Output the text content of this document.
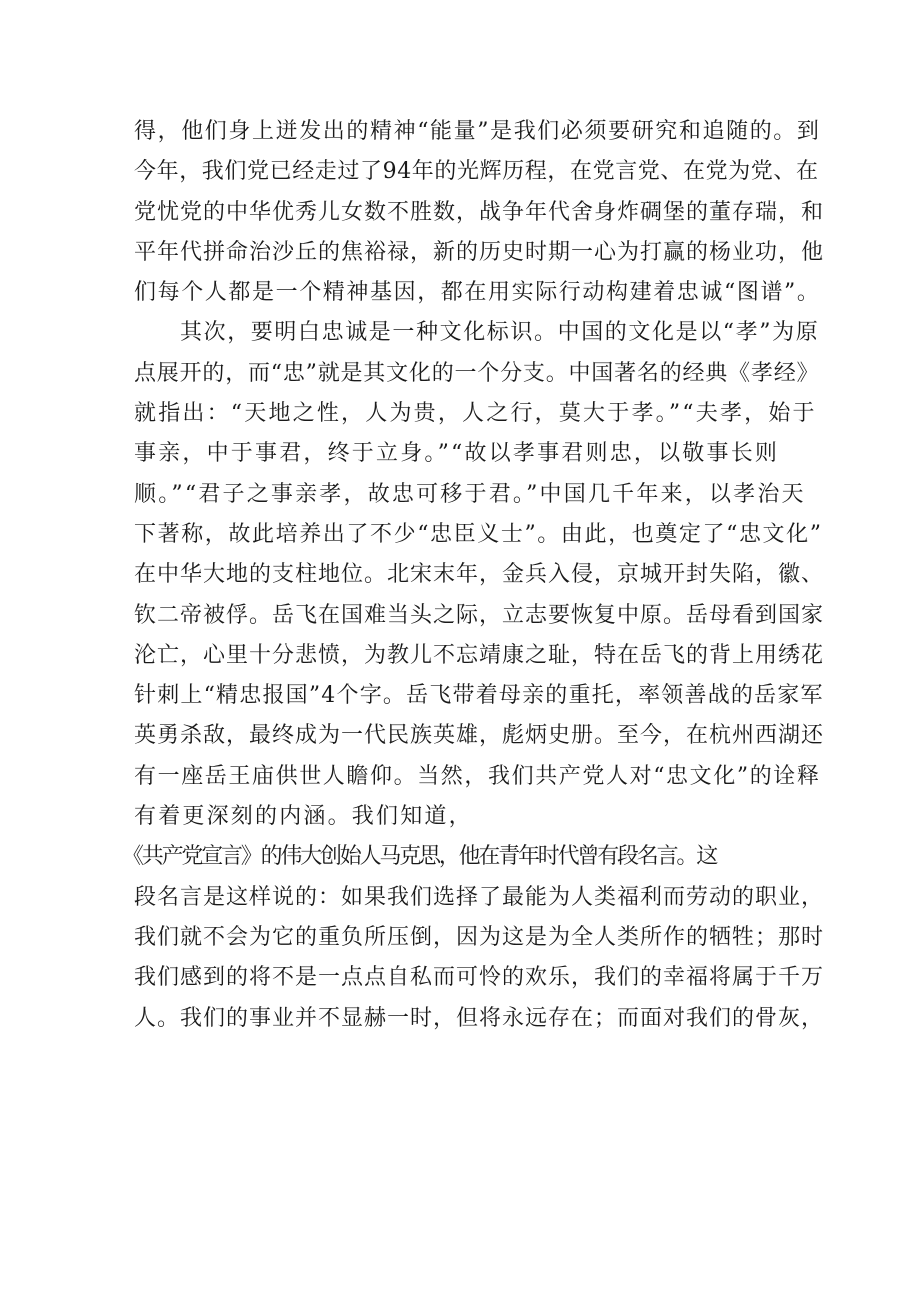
得，他们身上迸发出的精神“能量”是我们必须要研究和追随的。到
今年，我们党已经走过了94年的光辉历程，在党言党、在党为党、在
党忧党的中华优秀儿女数不胜数，战争年代舍身炸碉堡的董存瑞，和
平年代拼命治沙丘的焦裕禄，新的历史时期一心为打赢的杨业功，他
们每个人都是一个精神基因，都在用实际行动构建着忠诚“图谱”。
其次，要明白忠诚是一种文化标识。中国的文化是以“孝”为原
点展开的，而“忠”就是其文化的一个分支。中国著名的经典《孝经》
就指出：“天地之性，人为贵，人之行，莫大于孝。”“夫孝，始于
事亲，中于事君，终于立身。”“故以孝事君则忠，以敬事长则
顺。”“君子之事亲孝，故忠可移于君。”中国几千年来，以孝治天
下著称，故此培养出了不少“忠臣义士”。由此，也奠定了“忠文化”
在中华大地的支柱地位。北宋末年，金兵入侵，京城开封失陷，徽、
钦二帝被俘。岳飞在国难当头之际，立志要恢复中原。岳母看到国家
沦亡，心里十分悲愤，为教儿不忘靖康之耻，特在岳飞的背上用绣花
针刺上“精忠报国”4个字。岳飞带着母亲的重托，率领善战的岳家军
英勇杀敌，最终成为一代民族英雄，彪炳史册。至今，在杭州西湖还
有一座岳王庙供世人瞻仰。当然，我们共产党人对“忠文化”的诠释
有着更深刻的内涵。我们知道，
《共产党宣言》的伟大创始人马克思，他在青年时代曾有段名言。这
段名言是这样说的：如果我们选择了最能为人类福利而劳动的职业，
我们就不会为它的重负所压倒，因为这是为全人类所作的牺牲；那时
我们感到的将不是一点点自私而可怜的欢乐，我们的幸福将属于千万
人。我们的事业并不显赫一时，但将永远存在；而面对我们的骨灰，
